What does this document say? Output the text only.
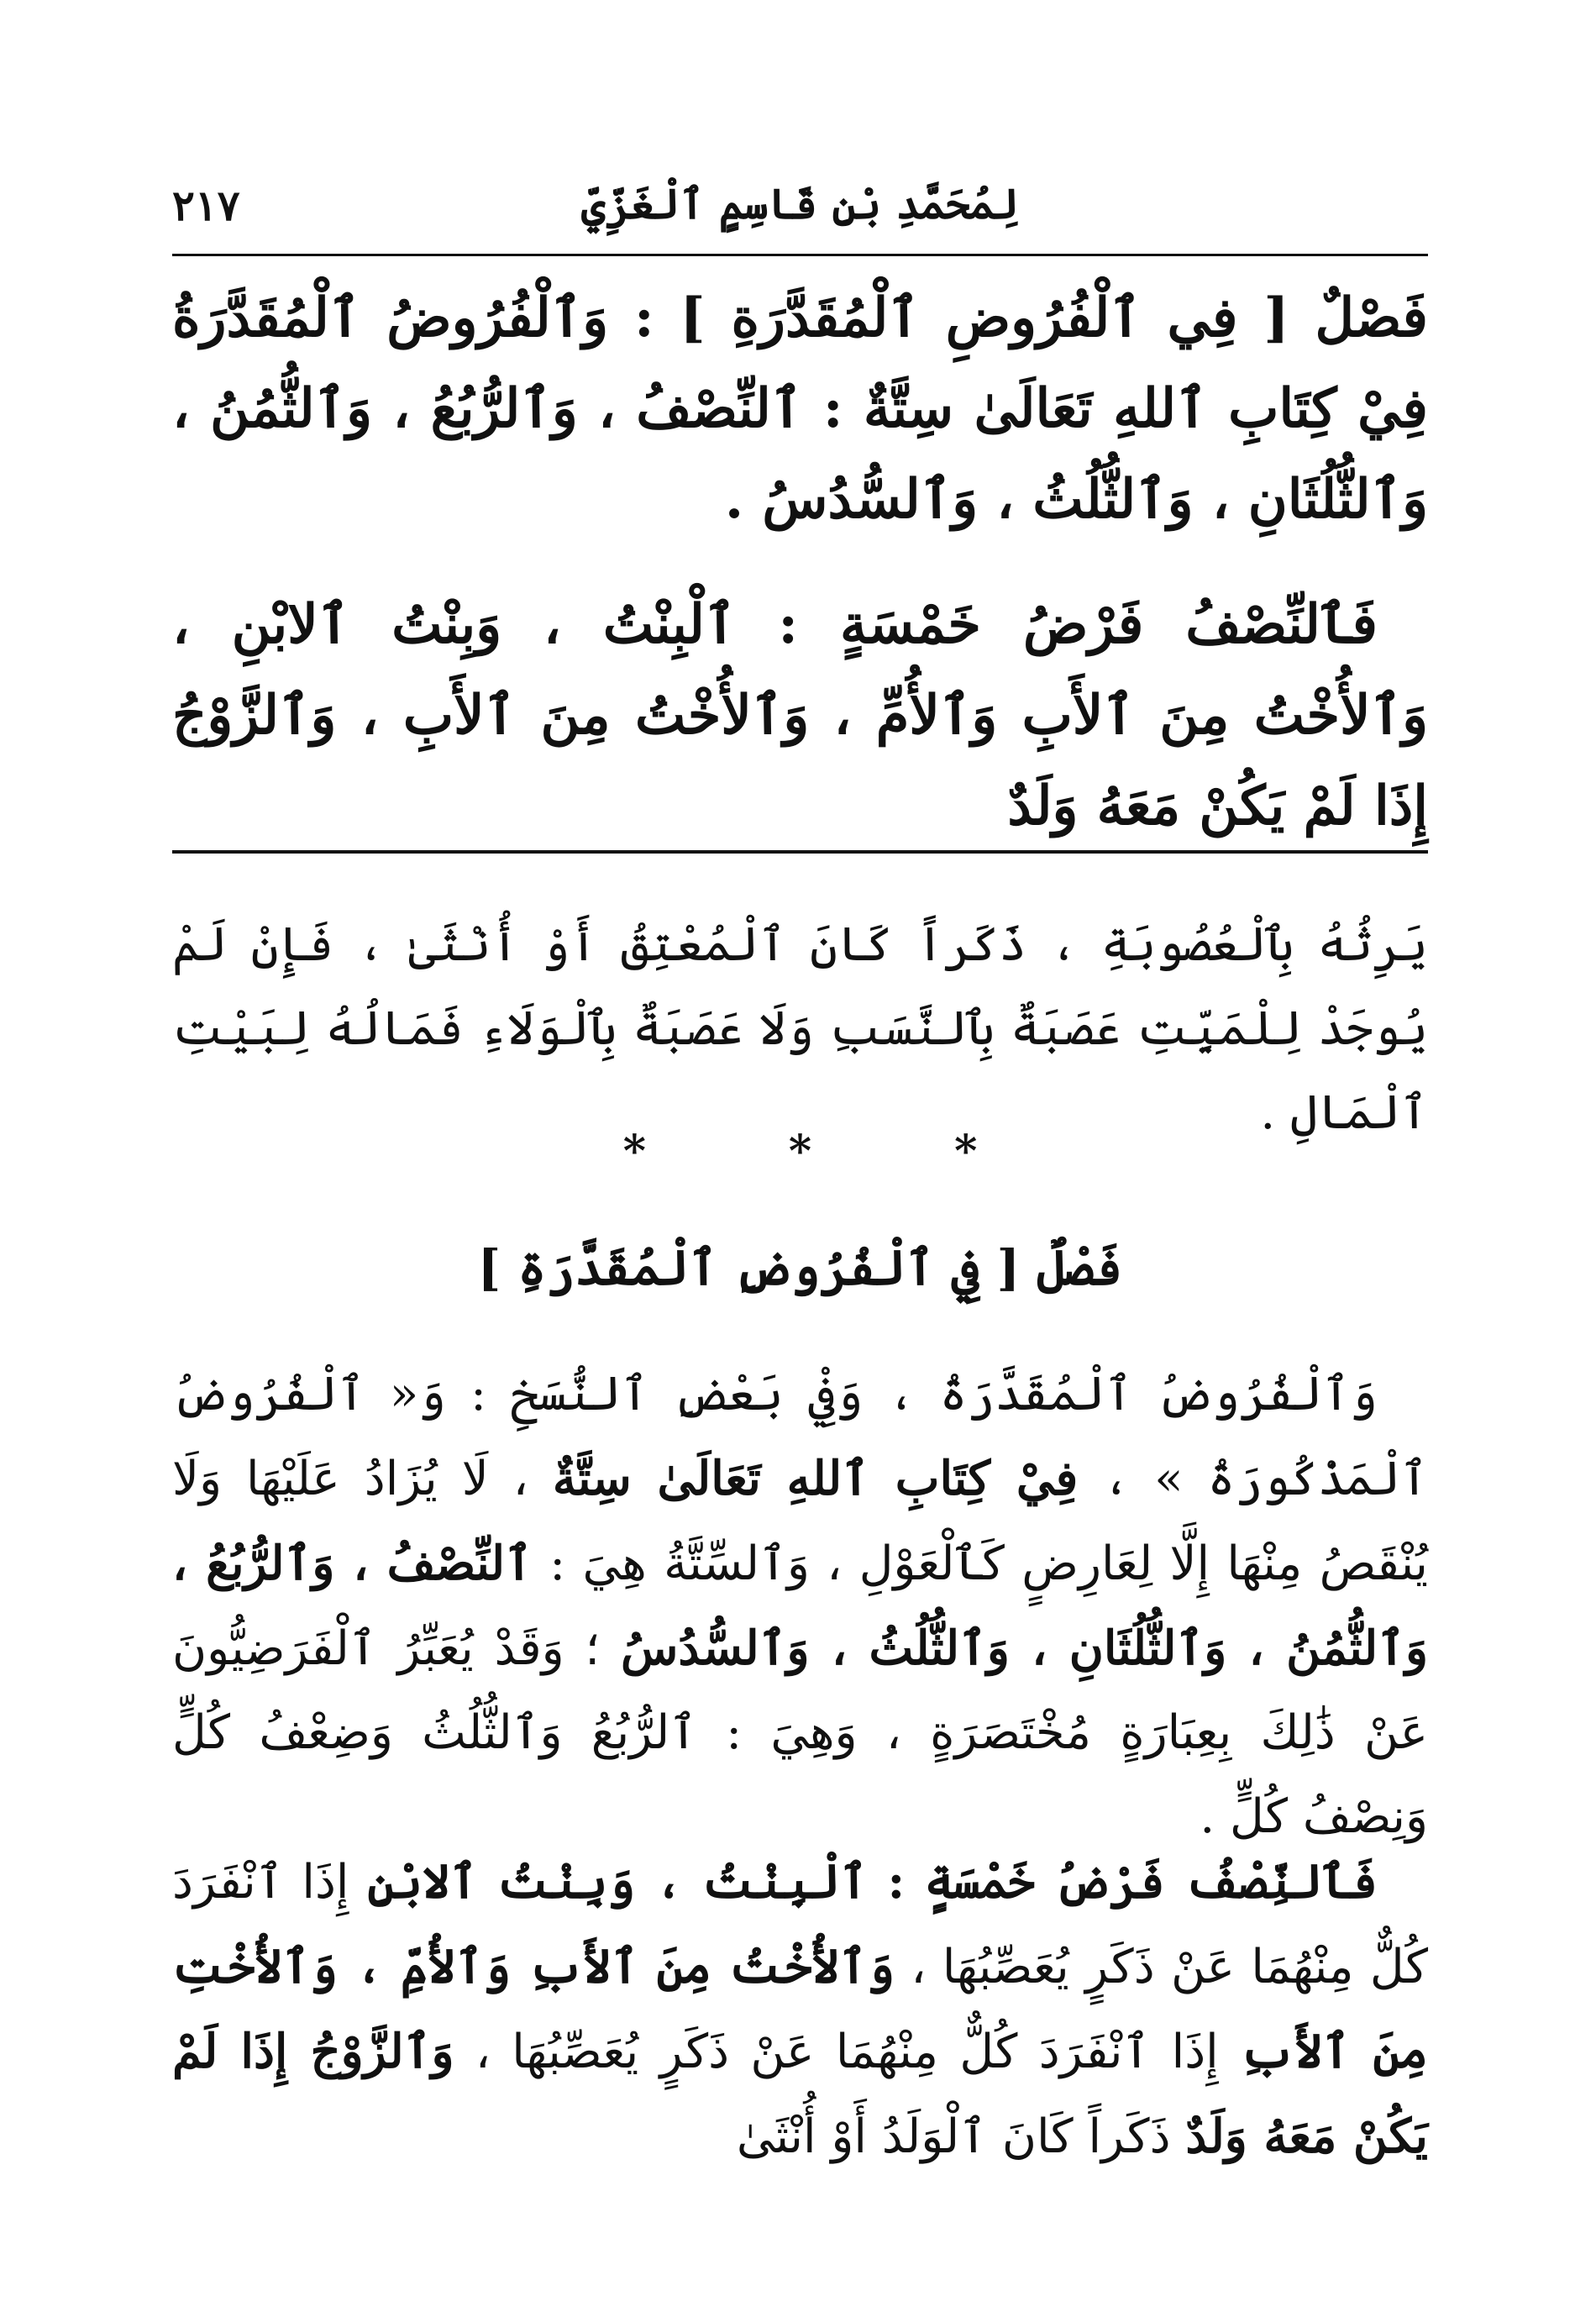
لِمُحَمَّدِ بْنِ قَاسِمٍ ٱلْغَزِّيِّ
٢١٧
فَصْلٌ [ فِي ٱلْفُرُوضِ ٱلْمُقَدَّرَةِ ] : وَٱلْفُرُوضُ ٱلْمُقَدَّرَةُ فِيْ كِتَابِ ٱللهِ تَعَالَىٰ سِتَّةٌ : ٱلنِّصْفُ ، وَٱلرُّبُعُ ، وَٱلثُّمُنُ ، وَٱلثُّلُثَانِ ، وَٱلثُّلُثُ ، وَٱلسُّدُسُ .
فَٱلنِّصْفُ فَرْضُ خَمْسَةٍ : ٱلْبِنْتُ ، وَبِنْتُ ٱلابْنِ ، وَٱلأُخْتُ مِنَ ٱلأَبِ وَٱلأُمِّ ، وَٱلأُخْتُ مِنَ ٱلأَبِ ، وَٱلزَّوْجُ إِذَا لَمْ يَكُنْ مَعَهُ وَلَدٌ
يَرِثُهُ بِٱلْعُصُوبَةِ ، ذَكَراً كَانَ ٱلْمُعْتِقُ أَوْ أُنْثَىٰ ، فَإِنْ لَمْ يُوجَدْ لِلْمَيِّتِ عَصَبَةٌ بِٱلنَّسَبِ وَلَا عَصَبَةٌ بِٱلْوَلَاءِ فَمَالُهُ لِبَيْتِ ٱلْمَالِ .
*	*	*
فَصْلٌ [ فِي ٱلْفُرُوضِ ٱلْمُقَدَّرَةِ ]
وَٱلْفُرُوضُ ٱلْمُقَدَّرَةُ ، وَفِيْ بَعْضِ ٱلنُّسَخِ : وَ« ٱلْفُرُوضُ ٱلْمَذْكُورَةُ » ، فِيْ كِتَابِ ٱللهِ تَعَالَىٰ سِتَّةٌ ، لَا يُزَادُ عَلَيْهَا وَلَا يُنْقَصُ مِنْهَا إِلَّا لِعَارِضٍ كَٱلْعَوْلِ ، وَٱلسِّتَّةُ هِيَ : ٱلنِّصْفُ ، وَٱلرُّبُعُ ، وَٱلثُّمُنُ ، وَٱلثُّلُثَانِ ، وَٱلثُّلُثُ ، وَٱلسُّدُسُ ؛ وَقَدْ يُعَبِّرُ ٱلْفَرَضِيُّونَ عَنْ ذَٰلِكَ بِعِبَارَةٍ مُخْتَصَرَةٍ ، وَهِيَ : ٱلرُّبُعُ وَٱلثُّلُثُ وَضِعْفُ كُلٍّ وَنِصْفُ كُلٍّ .
فَٱلنِّصْفُ فَرْضُ خَمْسَةٍ : ٱلْبِنْتُ ، وَبِنْتُ ٱلابْنِ إِذَا ٱنْفَرَدَ كُلٌّ مِنْهُمَا عَنْ ذَكَرٍ يُعَصِّبُهَا ، وَٱلأُخْتُ مِنَ ٱلأَبِ وَٱلأُمِّ ، وَٱلأُخْتِ مِنَ ٱلأَبِ إِذَا ٱنْفَرَدَ كُلٌّ مِنْهُمَا عَنْ ذَكَرٍ يُعَصِّبُهَا ، وَٱلزَّوْجُ إِذَا لَمْ يَكُنْ مَعَهُ وَلَدٌ ذَكَراً كَانَ ٱلْوَلَدُ أَوْ أُنْثَىٰ
